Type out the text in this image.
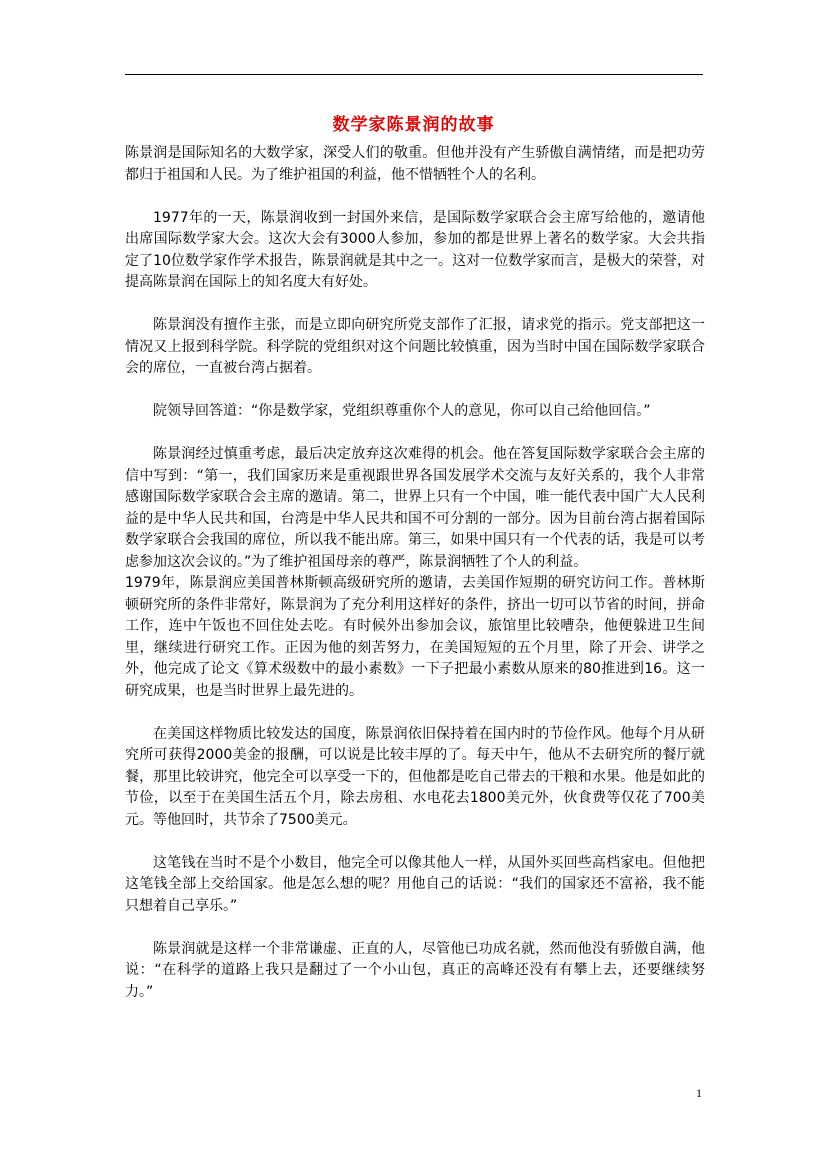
数学家陈景润的故事

陈景润是国际知名的大数学家，深受人们的敬重。但他并没有产生骄傲自满情绪，而是把功劳都归于祖国和人民。为了维护祖国的利益，他不惜牺牲个人的名利。

1977年的一天，陈景润收到一封国外来信，是国际数学家联合会主席写给他的，邀请他出席国际数学家大会。这次大会有3000人参加，参加的都是世界上著名的数学家。大会共指定了10位数学家作学术报告，陈景润就是其中之一。这对一位数学家而言，是极大的荣誉，对提高陈景润在国际上的知名度大有好处。

陈景润没有擅作主张，而是立即向研究所党支部作了汇报，请求党的指示。党支部把这一情况又上报到科学院。科学院的党组织对这个问题比较慎重，因为当时中国在国际数学家联合会的席位，一直被台湾占据着。

院领导回答道：“你是数学家，党组织尊重你个人的意见，你可以自己给他回信。”

陈景润经过慎重考虑，最后决定放弃这次难得的机会。他在答复国际数学家联合会主席的信中写到：“第一，我们国家历来是重视跟世界各国发展学术交流与友好关系的，我个人非常感谢国际数学家联合会主席的邀请。第二，世界上只有一个中国，唯一能代表中国广大人民利益的是中华人民共和国，台湾是中华人民共和国不可分割的一部分。因为目前台湾占据着国际数学家联合会我国的席位，所以我不能出席。第三，如果中国只有一个代表的话，我是可以考虑参加这次会议的。”为了维护祖国母亲的尊严，陈景润牺牲了个人的利益。

1979年，陈景润应美国普林斯顿高级研究所的邀请，去美国作短期的研究访问工作。普林斯顿研究所的条件非常好，陈景润为了充分利用这样好的条件，挤出一切可以节省的时间，拼命工作，连中午饭也不回住处去吃。有时候外出参加会议，旅馆里比较嘈杂，他便躲进卫生间里，继续进行研究工作。正因为他的刻苦努力，在美国短短的五个月里，除了开会、讲学之外，他完成了论文《算术级数中的最小素数》一下子把最小素数从原来的80推进到16。这一研究成果，也是当时世界上最先进的。

在美国这样物质比较发达的国度，陈景润依旧保持着在国内时的节俭作风。他每个月从研究所可获得2000美金的报酬，可以说是比较丰厚的了。每天中午，他从不去研究所的餐厅就餐，那里比较讲究，他完全可以享受一下的，但他都是吃自己带去的干粮和水果。他是如此的节俭，以至于在美国生活五个月，除去房租、水电花去1800美元外，伙食费等仅花了700美元。等他回时，共节余了7500美元。

这笔钱在当时不是个小数目，他完全可以像其他人一样，从国外买回些高档家电。但他把这笔钱全部上交给国家。他是怎么想的呢？用他自己的话说：“我们的国家还不富裕，我不能只想着自己享乐。”

陈景润就是这样一个非常谦虚、正直的人，尽管他已功成名就，然而他没有骄傲自满，他说：“在科学的道路上我只是翻过了一个小山包，真正的高峰还没有有攀上去，还要继续努力。”

1
